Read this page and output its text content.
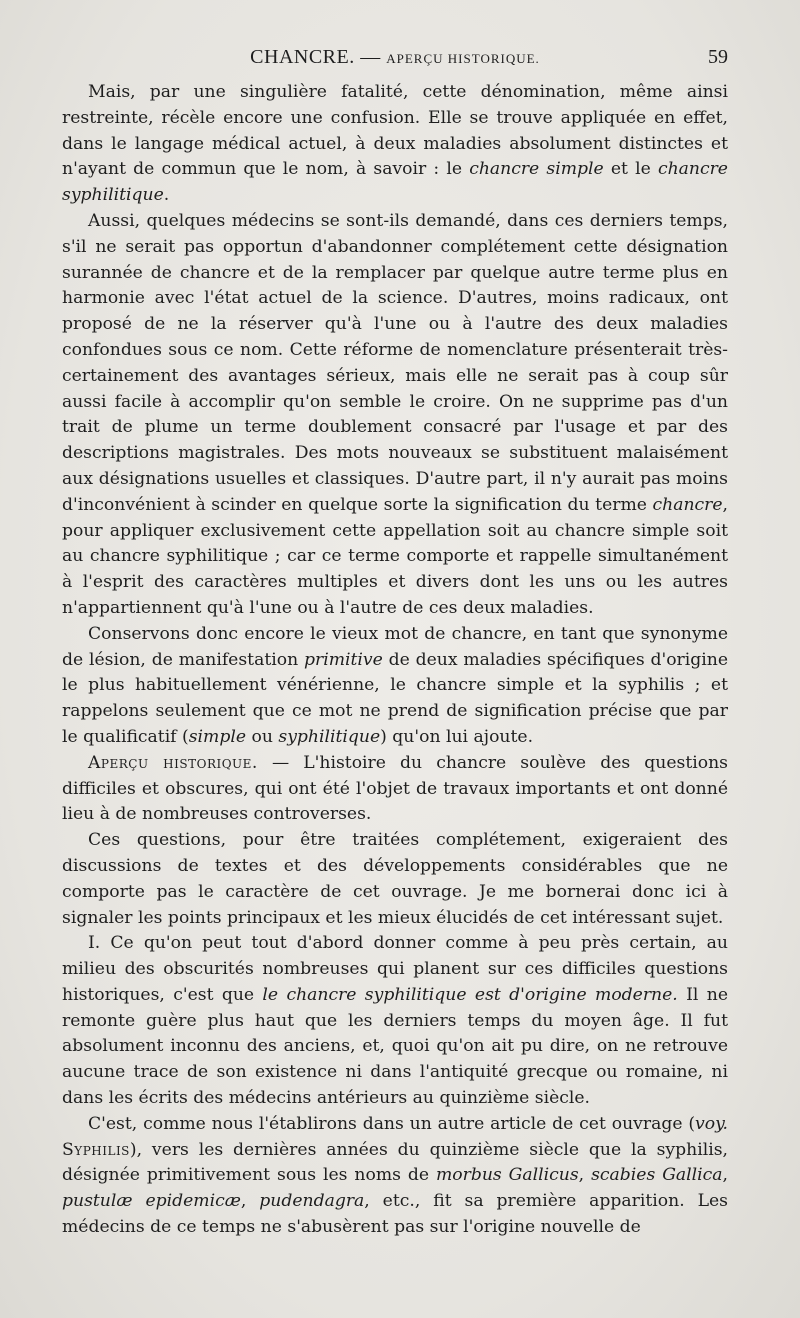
CHANCRE. — APERÇU HISTORIQUE.	59

Mais, par une singulière fatalité, cette dénomination, même ainsi restreinte, récèle encore une confusion. Elle se trouve appliquée en effet, dans le langage médical actuel, à deux maladies absolument distinctes et n'ayant de commun que le nom, à savoir : le chancre simple et le chancre syphilitique.

Aussi, quelques médecins se sont-ils demandé, dans ces derniers temps, s'il ne serait pas opportun d'abandonner complétement cette désignation surannée de chancre et de la remplacer par quelque autre terme plus en harmonie avec l'état actuel de la science. D'autres, moins radicaux, ont proposé de ne la réserver qu'à l'une ou à l'autre des deux maladies confondues sous ce nom. Cette réforme de nomenclature présenterait très-certainement des avantages sérieux, mais elle ne serait pas à coup sûr aussi facile à accomplir qu'on semble le croire. On ne supprime pas d'un trait de plume un terme doublement consacré par l'usage et par des descriptions magistrales. Des mots nouveaux se substituent malaisément aux désignations usuelles et classiques. D'autre part, il n'y aurait pas moins d'inconvénient à scinder en quelque sorte la signification du terme chancre, pour appliquer exclusivement cette appellation soit au chancre simple soit au chancre syphilitique ; car ce terme comporte et rappelle simultanément à l'esprit des caractères multiples et divers dont les uns ou les autres n'appartiennent qu'à l'une ou à l'autre de ces deux maladies.

Conservons donc encore le vieux mot de chancre, en tant que synonyme de lésion, de manifestation primitive de deux maladies spécifiques d'origine le plus habituellement vénérienne, le chancre simple et la syphilis ; et rappelons seulement que ce mot ne prend de signification précise que par le qualificatif (simple ou syphilitique) qu'on lui ajoute.

Aperçu historique. — L'histoire du chancre soulève des questions difficiles et obscures, qui ont été l'objet de travaux importants et ont donné lieu à de nombreuses controverses.

Ces questions, pour être traitées complétement, exigeraient des discussions de textes et des développements considérables que ne comporte pas le caractère de cet ouvrage. Je me bornerai donc ici à signaler les points principaux et les mieux élucidés de cet intéressant sujet.

I. Ce qu'on peut tout d'abord donner comme à peu près certain, au milieu des obscurités nombreuses qui planent sur ces difficiles questions historiques, c'est que le chancre syphilitique est d'origine moderne. Il ne remonte guère plus haut que les derniers temps du moyen âge. Il fut absolument inconnu des anciens, et, quoi qu'on ait pu dire, on ne retrouve aucune trace de son existence ni dans l'antiquité grecque ou romaine, ni dans les écrits des médecins antérieurs au quinzième siècle.

C'est, comme nous l'établirons dans un autre article de cet ouvrage (voy. Syphilis), vers les dernières années du quinzième siècle que la syphilis, désignée primitivement sous les noms de morbus Gallicus, scabies Gallica, pustulæ epidemicæ, pudendagra, etc., fit sa première apparition. Les médecins de ce temps ne s'abusèrent pas sur l'origine nouvelle de
